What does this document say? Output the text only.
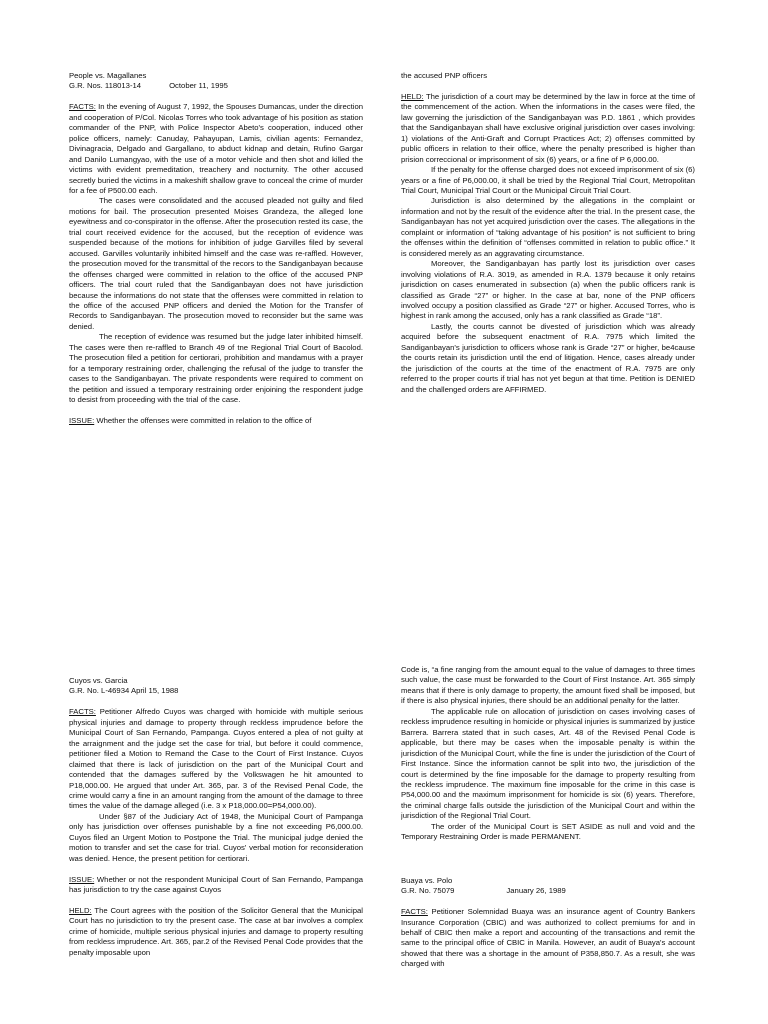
People vs. Magallanes

G.R. Nos. 118013-14	October 11, 1995

FACTS: In the evening of August 7, 1992, the Spouses Dumancas, under the direction and cooperation of P/Col. Nicolas Torres who took advantage of his position as station commander of the PNP, with Police Inspector Abeto's cooperation, induced other police officers, namely: Canuday, Pahayupan, Lamis, civilian agents: Fernandez, Divinagracia, Delgado and Gargallano, to abduct kidnap and detain, Rufino Gargar and Danilo Lumangyao, with the use of a motor vehicle and then shot and killed the victims with evident premeditation, treachery and nocturnity. The other accused secretly buried the victims in a makeshift shallow grave to conceal the crime of murder for a fee of P500.00 each.

The cases were consolidated and the accused pleaded not guilty and filed motions for bail. The prosecution presented Moises Grandeza, the alleged lone eyewitness and co-conspirator in the offense. After the prosecution rested its case, the trial court received evidence for the accused, but the reception of evidence was suspended because of the motions for inhibition of judge Garvilles filed by several accused. Garvilles voluntarily inhibited himself and the case was re-raffled. However, the prosecution moved for the transmittal of the recors to the Sandiganbayan because the offenses charged were committed in relation to the office of the accused PNP officers. The trial court ruled that the Sandiganbayan does not have jurisdiction because the informations do not state that the offenses were committed in relation to the office of the accused PNP officers and denied the Motion for the Transfer of Records to Sandiganbayan. The prosecution moved to reconsider but the same was denied.

The reception of evidence was resumed but the judge later inhibited himself. The cases were then re-raffled to Branch 49 of tne Regional Trial Court of Bacolod. The prosecution filed a petition for certiorari, prohibition and mandamus with a prayer for a temporary restraining order, challenging the refusal of the judge to transfer the cases to the Sandiganbayan. The private respondents were required to comment on the petition and issued a temporary restraining order enjoining the respondent judge to desist from proceeding with the trial of the case.

ISSUE: Whether the offenses were committed in relation to the office of

the accused PNP officers

HELD: The jurisdiction of a court may be determined by the law in force at the time of the commencement of the action. When the informations in the cases were filed, the law governing the jurisdiction of the Sandiganbayan was P.D. 1861 , which provides that the Sandiganbayan shall have exclusive original jurisdiction over cases involving: 1) violations of the Anti-Graft and Corrupt Practices Act; 2) offenses committed by public officers in relation to their office, where the penalty prescribed is higher than prision correccional or imprisonment of six (6) years, or a fine of P 6,000.00.

If the penalty for the offense charged does not exceed imprisonment of six (6) years or a fine of P6,000.00, it shall be tried by the Regional Trial Court, Metropolitan Trial Court, Municipal Trial Court or the Municipal Circuit Trial Court.

Jurisdiction is also determined by the allegations in the complaint or information and not by the result of the evidence after the trial. In the present case, the Sandiganbayan has not yet acquired jurisdiction over the cases. The allegations in the complaint or information of “taking advantage of his position” is not sufficient to bring the offenses within the definition of “offenses committed in relation to public office.” It is considered merely as an aggravating circumstance.

Moreover, the Sandiganbayan has partly lost its jurisdiction over cases involving violations of R.A. 3019, as amended in R.A. 1379 because it only retains jurisdiction on cases enumerated in subsection (a) when the public officers rank is classified as Grade “27” or higher. In the case at bar, none of the PNP officers involved occupy a position classified as Grade “27” or higher. Accused Torres, who is highest in rank among the accused, only has a rank classified as Grade “18”.

Lastly, the courts cannot be divested of jurisdiction which was already acquired before the subsequent enactment of R.A. 7975 which limited the Sandiganbayan's jurisdiction to officers whose rank is Grade “27” or higher, be4cause the courts retain its jurisdiction until the end of litigation. Hence, cases already under the jurisdiction of the courts at the time of the enactment of R.A. 7975 are only referred to the proper courts if trial has not yet begun at that time. Petition is DENIED and the challenged orders are AFFIRMED.

Cuyos vs. Garcia

G.R. No. L-46934 April 15, 1988

FACTS: Petitioner Alfredo Cuyos was charged with homicide with multiple serious physical injuries and damage to property through reckless imprudence before the Municipal Court of San Fernando, Pampanga. Cuyos entered a plea of not guilty at the arraignment and the judge set the case for trial, but before it could commence, petitioner filed a Motion to Remand the Case to the Court of First Instance. Cuyos claimed that there is lack of jurisdiction on the part of the Municipal Court and contended that the damages suffered by the Volkswagen he hit amounted to P18,000.00. He argued that under Art. 365, par. 3 of the Revised Penal Code, the crime would carry a fine in an amount ranging from the amount of the damage to three times the value of the damage alleged (i.e. 3 x P18,000.00=P54,000.00).

Under §87 of the Judiciary Act of 1948, the Municipal Court of Pampanga only has jurisdiction over offenses punishable by a fine not exceeding P6,000.00. Cuyos filed an Urgent Motion to Postpone the Trial. The municipal judge denied the motion to transfer and set the case for trial. Cuyos' verbal motion for reconsideration was denied. Hence, the present petition for certiorari.

ISSUE: Whether or not the respondent Municipal Court of San Fernando, Pampanga has jurisdiction to try the case against Cuyos

HELD: The Court agrees with the position of the Solicitor General that the Municipal Court has no jurisdiction to try the present case. The case at bar involves a complex crime of homicide, multiple serious physical injuries and damage to property resulting from reckless imprudence. Art. 365, par.2 of the Revised Penal Code provides that the penalty imposable upon

Code is, “a fine ranging from the amount equal to the value of damages to three times such value, the case must be forwarded to the Court of First Instance. Art. 365 simply means that if there is only damage to property, the amount fixed shall be imposed, but if there is also physical injuries, there should be an additional penalty for the latter.

The applicable rule on allocation of jurisdiction on cases involving cases of reckless imprudence resulting in homicide or physical injuries is summarized by justice Barrera. Barrera stated that in such cases, Art. 48 of the Revised Penal Code is applicable, but there may be cases when the imposable penalty is within the jurisdiction of the Municipal Court, while the fine is under the jurisdiction of the Court of First Instance. Since the information cannot be split into two, the jurisdiction of the court is determined by the fine imposable for the damage to property resulting from the reckless imprudence. The maximum fine imposable for the crime in this case is P54,000.00 and the maximum imprisonment for homicide is six (6) years. Therefore, the criminal charge falls outside the jurisdiction of the Municipal Court and within the jurisdiction of the Regional Trial Court.

The order of the Municipal Court is SET ASIDE as null and void and the Temporary Restraining Order is made PERMANENT.

Buaya vs. Polo

G.R. No. 75079	January 26, 1989

FACTS: Petitioner Solemnidad Buaya was an insurance agent of Country Bankers Insurance Corporation (CBIC) and was authorized to collect premiums for and in behalf of CBIC then make a report and accounting of the transactions and remit the same to the principal office of CBIC in Manila. However, an audit of Buaya's account showed that there was a shortage in the amount of P358,850.7. As a result, she was charged with
